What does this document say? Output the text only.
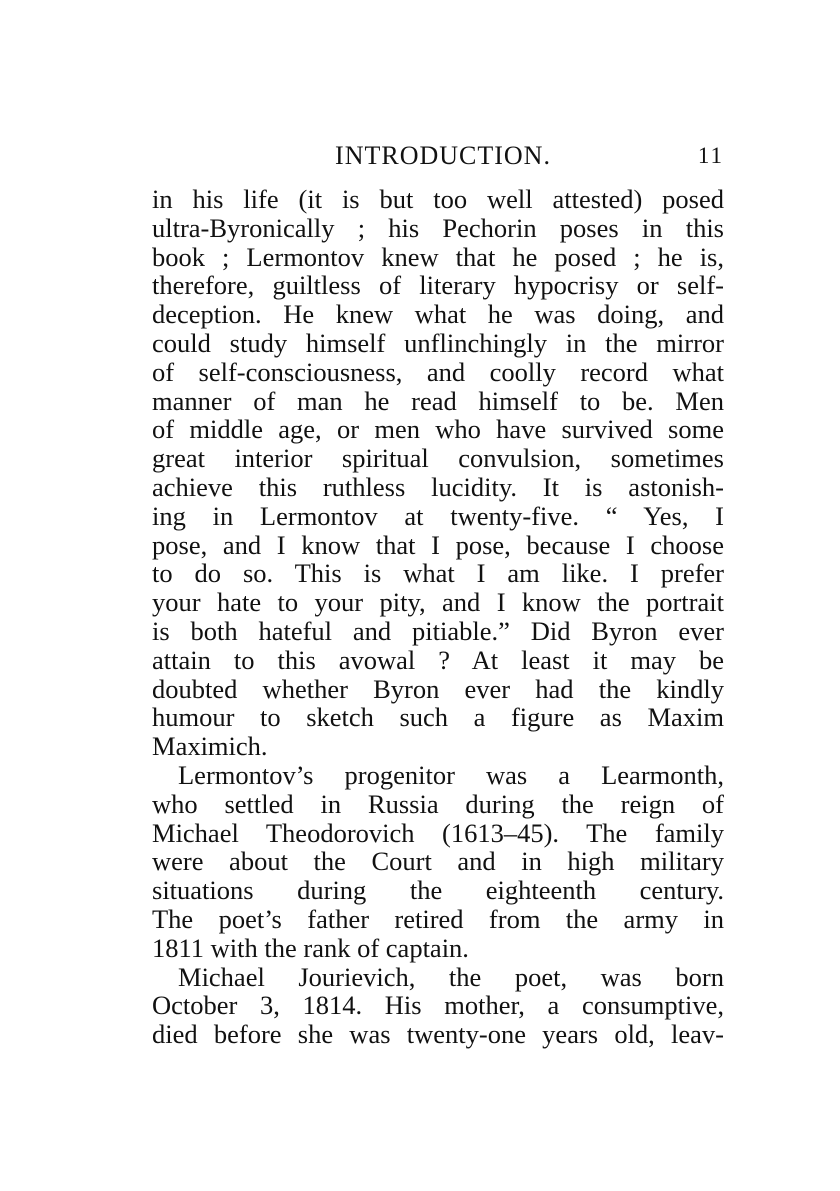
INTRODUCTION.	11
in his life (it is but too well attested) posed
ultra-Byronically ; his Pechorin poses in this
book ; Lermontov knew that he posed ; he is,
therefore, guiltless of literary hypocrisy or self-
deception. He knew what he was doing, and
could study himself unflinchingly in the mirror
of self-consciousness, and coolly record what
manner of man he read himself to be. Men
of middle age, or men who have survived some
great interior spiritual convulsion, sometimes
achieve this ruthless lucidity. It is astonish-
ing in Lermontov at twenty-five. “ Yes, I
pose, and I know that I pose, because I choose
to do so. This is what I am like. I prefer
your hate to your pity, and I know the portrait
is both hateful and pitiable.” Did Byron ever
attain to this avowal ? At least it may be
doubted whether Byron ever had the kindly
humour to sketch such a figure as Maxim
Maximich.
Lermontov’s progenitor was a Learmonth,
who settled in Russia during the reign of
Michael Theodorovich (1613–45). The family
were about the Court and in high military
situations during the eighteenth century.
The poet’s father retired from the army in
1811 with the rank of captain.
Michael Jourievich, the poet, was born
October 3, 1814. His mother, a consumptive,
died before she was twenty-one years old, leav-
